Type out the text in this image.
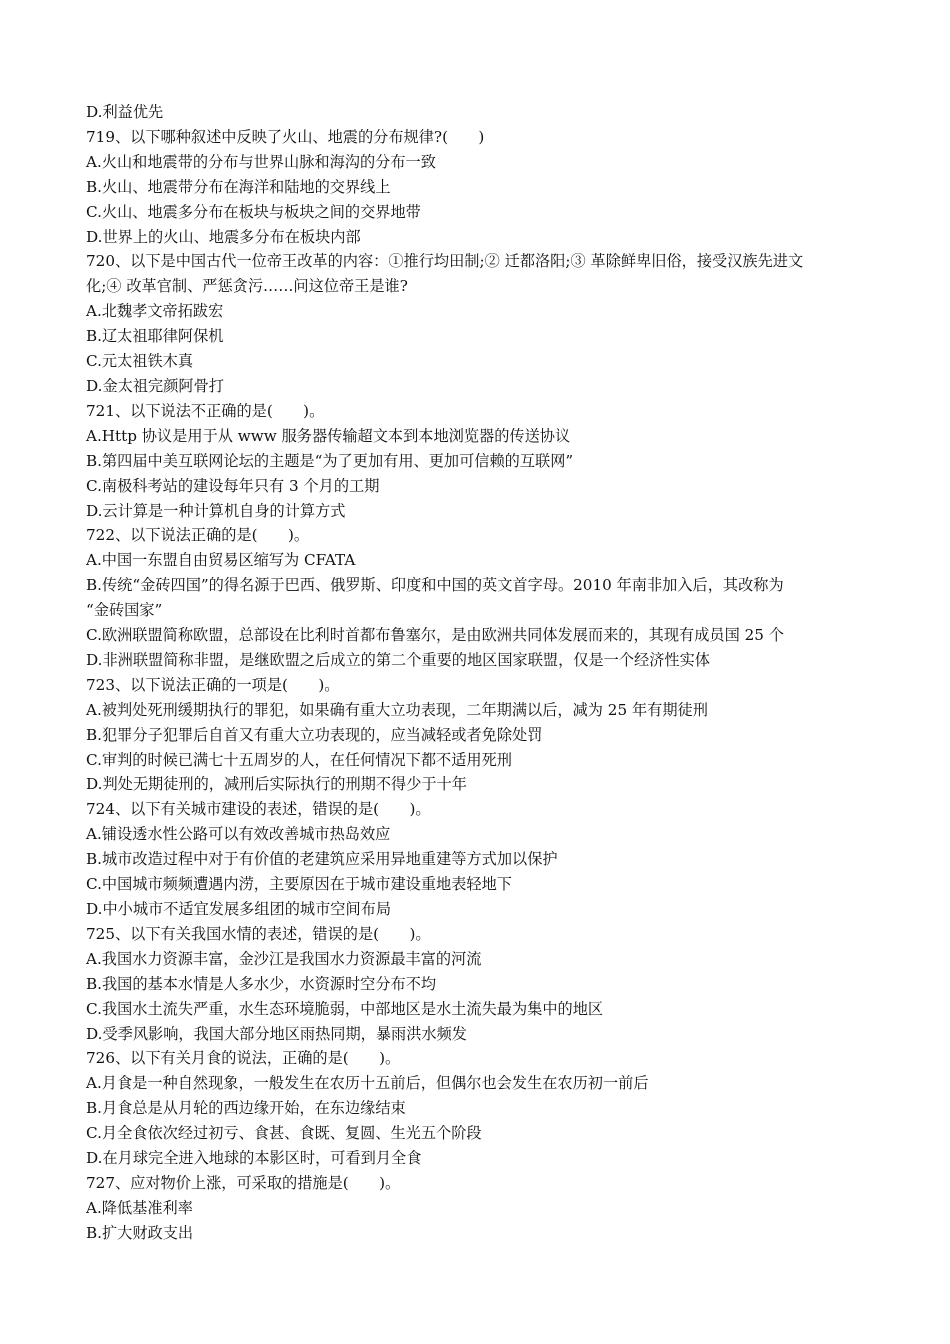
D.利益优先
719、以下哪种叙述中反映了火山、地震的分布规律?(　　)
A.火山和地震带的分布与世界山脉和海沟的分布一致
B.火山、地震带分布在海洋和陆地的交界线上
C.火山、地震多分布在板块与板块之间的交界地带
D.世界上的火山、地震多分布在板块内部
720、以下是中国古代一位帝王改革的内容：①推行均田制;② 迁都洛阳;③ 革除鲜卑旧俗，接受汉族先进文
化;④ 改革官制、严惩贪污……问这位帝王是谁?
A.北魏孝文帝拓跋宏
B.辽太祖耶律阿保机
C.元太祖铁木真
D.金太祖完颜阿骨打
721、以下说法不正确的是(　　)。
A.Http 协议是用于从 www 服务器传输超文本到本地浏览器的传送协议
B.第四届中美互联网论坛的主题是“为了更加有用、更加可信赖的互联网”
C.南极科考站的建设每年只有 3 个月的工期
D.云计算是一种计算机自身的计算方式
722、以下说法正确的是(　　)。
A.中国一东盟自由贸易区缩写为 CFATA
B.传统“金砖四国”的得名源于巴西、俄罗斯、印度和中国的英文首字母。2010 年南非加入后，其改称为
“金砖国家”
C.欧洲联盟简称欧盟，总部设在比利时首都布鲁塞尔，是由欧洲共同体发展而来的，其现有成员国 25 个
D.非洲联盟简称非盟，是继欧盟之后成立的第二个重要的地区国家联盟，仅是一个经济性实体
723、以下说法正确的一项是(　　)。
A.被判处死刑缓期执行的罪犯，如果确有重大立功表现，二年期满以后，减为 25 年有期徒刑
B.犯罪分子犯罪后自首又有重大立功表现的，应当减轻或者免除处罚
C.审判的时候已满七十五周岁的人，在任何情况下都不适用死刑
D.判处无期徒刑的，减刑后实际执行的刑期不得少于十年
724、以下有关城市建设的表述，错误的是(　　)。
A.铺设透水性公路可以有效改善城市热岛效应
B.城市改造过程中对于有价值的老建筑应采用异地重建等方式加以保护
C.中国城市频频遭遇内涝，主要原因在于城市建设重地表轻地下
D.中小城市不适宜发展多组团的城市空间布局
725、以下有关我国水情的表述，错误的是(　　)。
A.我国水力资源丰富，金沙江是我国水力资源最丰富的河流
B.我国的基本水情是人多水少，水资源时空分布不均
C.我国水土流失严重，水生态环境脆弱，中部地区是水土流失最为集中的地区
D.受季风影响，我国大部分地区雨热同期，暴雨洪水频发
726、以下有关月食的说法，正确的是(　　)。
A.月食是一种自然现象，一般发生在农历十五前后，但偶尔也会发生在农历初一前后
B.月食总是从月轮的西边缘开始，在东边缘结束
C.月全食依次经过初亏、食甚、食既、复圆、生光五个阶段
D.在月球完全进入地球的本影区时，可看到月全食
727、应对物价上涨，可采取的措施是(　　)。
A.降低基准利率
B.扩大财政支出
